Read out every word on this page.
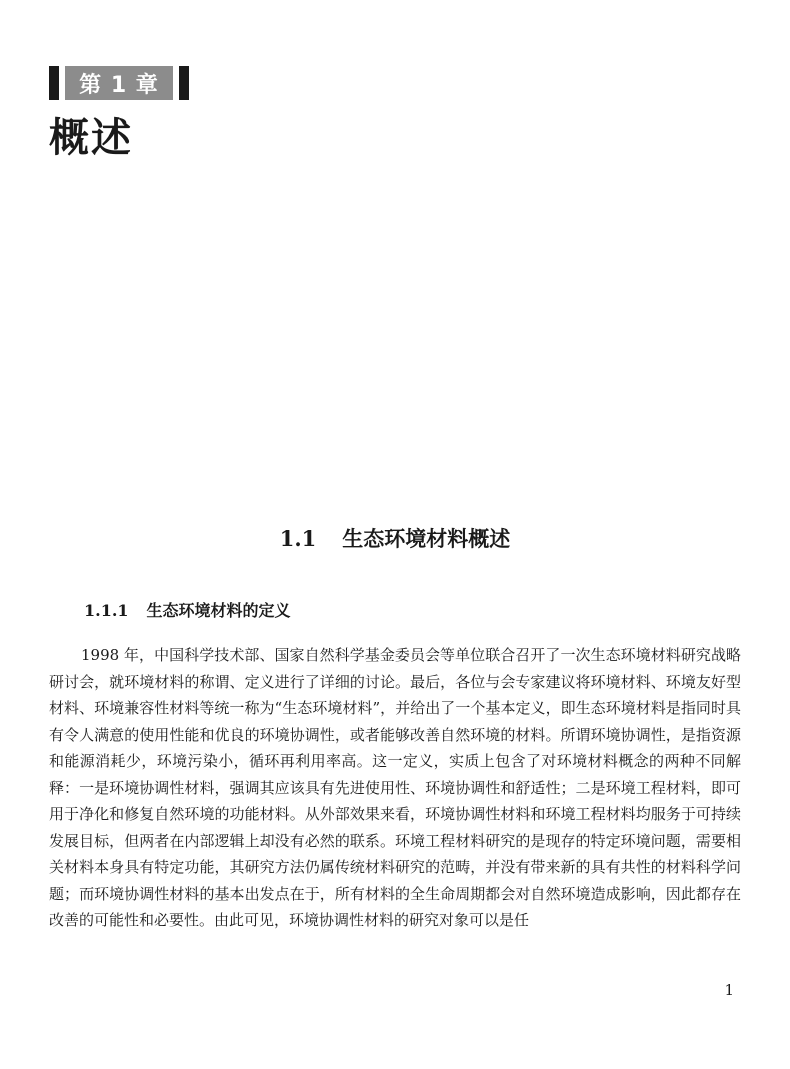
第 1 章
概述
1.1 生态环境材料概述
1.1.1 生态环境材料的定义

1998 年，中国科学技术部、国家自然科学基金委员会等单位联合召开了一次生态环境材料研究战略研讨会，就环境材料的称谓、定义进行了详细的讨论。最后，各位与会专家建议将环境材料、环境友好型材料、环境兼容性材料等统一称为“生态环境材料”，并给出了一个基本定义，即生态环境材料是指同时具有令人满意的使用性能和优良的环境协调性，或者能够改善自然环境的材料。所谓环境协调性，是指资源和能源消耗少，环境污染小，循环再利用率高。这一定义，实质上包含了对环境材料概念的两种不同解释：一是环境协调性材料，强调其应该具有先进使用性、环境协调性和舒适性；二是环境工程材料，即可用于净化和修复自然环境的功能材料。从外部效果来看，环境协调性材料和环境工程材料均服务于可持续发展目标，但两者在内部逻辑上却没有必然的联系。环境工程材料研究的是现存的特定环境问题，需要相关材料本身具有特定功能，其研究方法仍属传统材料研究的范畴，并没有带来新的具有共性的材料科学问题；而环境协调性材料的基本出发点在于，所有材料的全生命周期都会对自然环境造成影响，因此都存在改善的可能性和必要性。由此可见，环境协调性材料的研究对象可以是任

1
